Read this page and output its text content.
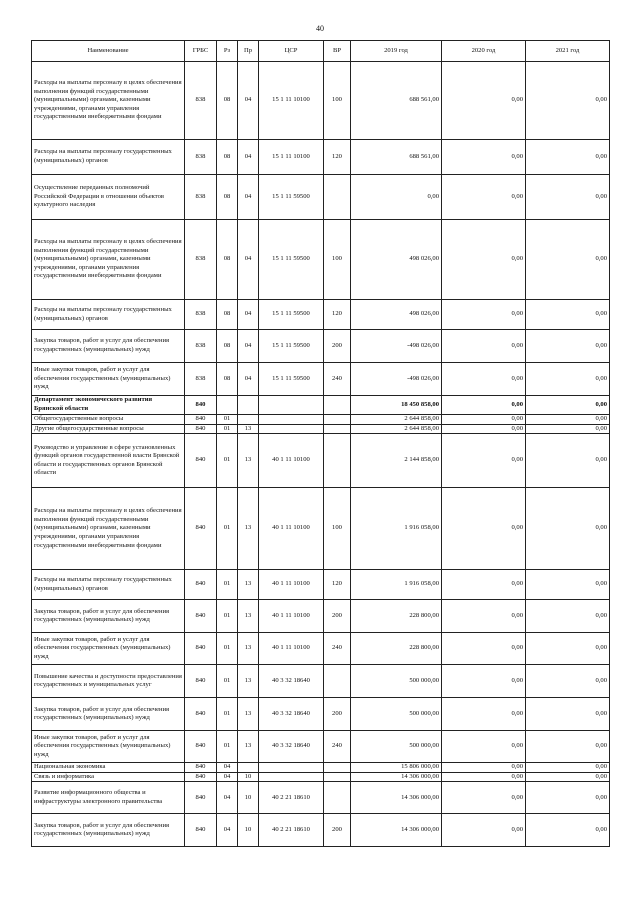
40
Наименование	ГРБС	Рз	Пр	ЦСР	ВР	2019 год	2020 год	2021 год
Расходы на выплаты персоналу в целях обеспечения выполнения функций государственными (муниципальными) органами, казенными учреждениями, органами управления государственными внебюджетными фондами	838	08	04	15 1 11 10100	100	688 561,00	0,00	0,00
Расходы на выплаты персоналу государственных (муниципальных) органов	838	08	04	15 1 11 10100	120	688 561,00	0,00	0,00
Осуществление переданных полномочий Российской Федерации в отношении объектов культурного наследия	838	08	04	15 1 11 59500		0,00	0,00	0,00
Расходы на выплаты персоналу в целях обеспечения выполнения функций государственными (муниципальными) органами, казенными учреждениями, органами управления государственными внебюджетными фондами	838	08	04	15 1 11 59500	100	498 026,00	0,00	0,00
Расходы на выплаты персоналу государственных (муниципальных) органов	838	08	04	15 1 11 59500	120	498 026,00	0,00	0,00
Закупка товаров, работ и услуг для обеспечения государственных (муниципальных) нужд	838	08	04	15 1 11 59500	200	-498 026,00	0,00	0,00
Иные закупки товаров, работ и услуг для обеспечения государственных (муниципальных) нужд	838	08	04	15 1 11 59500	240	-498 026,00	0,00	0,00
Департамент экономического развития Брянской области	840					18 450 858,00	0,00	0,00
Общегосударственные вопросы	840	01				2 644 858,00	0,00	0,00
Другие общегосударственные вопросы	840	01	13			2 644 858,00	0,00	0,00
Руководство и управление в сфере установленных функций органов государственной власти Брянской области и государственных органов Брянской области	840	01	13	40 1 11 10100		2 144 858,00	0,00	0,00
Расходы на выплаты персоналу в целях обеспечения выполнения функций государственными (муниципальными) органами, казенными учреждениями, органами управления государственными внебюджетными фондами	840	01	13	40 1 11 10100	100	1 916 058,00	0,00	0,00
Расходы на выплаты персоналу государственных (муниципальных) органов	840	01	13	40 1 11 10100	120	1 916 058,00	0,00	0,00
Закупка товаров, работ и услуг для обеспечения государственных (муниципальных) нужд	840	01	13	40 1 11 10100	200	228 800,00	0,00	0,00
Иные закупки товаров, работ и услуг для обеспечения государственных (муниципальных) нужд	840	01	13	40 1 11 10100	240	228 800,00	0,00	0,00
Повышение качества и доступности предоставления государственных и муниципальных услуг	840	01	13	40 3 32 18640		500 000,00	0,00	0,00
Закупка товаров, работ и услуг для обеспечения государственных (муниципальных) нужд	840	01	13	40 3 32 18640	200	500 000,00	0,00	0,00
Иные закупки товаров, работ и услуг для обеспечения государственных (муниципальных) нужд	840	01	13	40 3 32 18640	240	500 000,00	0,00	0,00
Национальная экономика	840	04				15 806 000,00	0,00	0,00
Связь и информатика	840	04	10			14 306 000,00	0,00	0,00
Развитие информационного общества и инфраструктуры электронного правительства	840	04	10	40 2 21 18610		14 306 000,00	0,00	0,00
Закупка товаров, работ и услуг для обеспечения государственных (муниципальных) нужд	840	04	10	40 2 21 18610	200	14 306 000,00	0,00	0,00
